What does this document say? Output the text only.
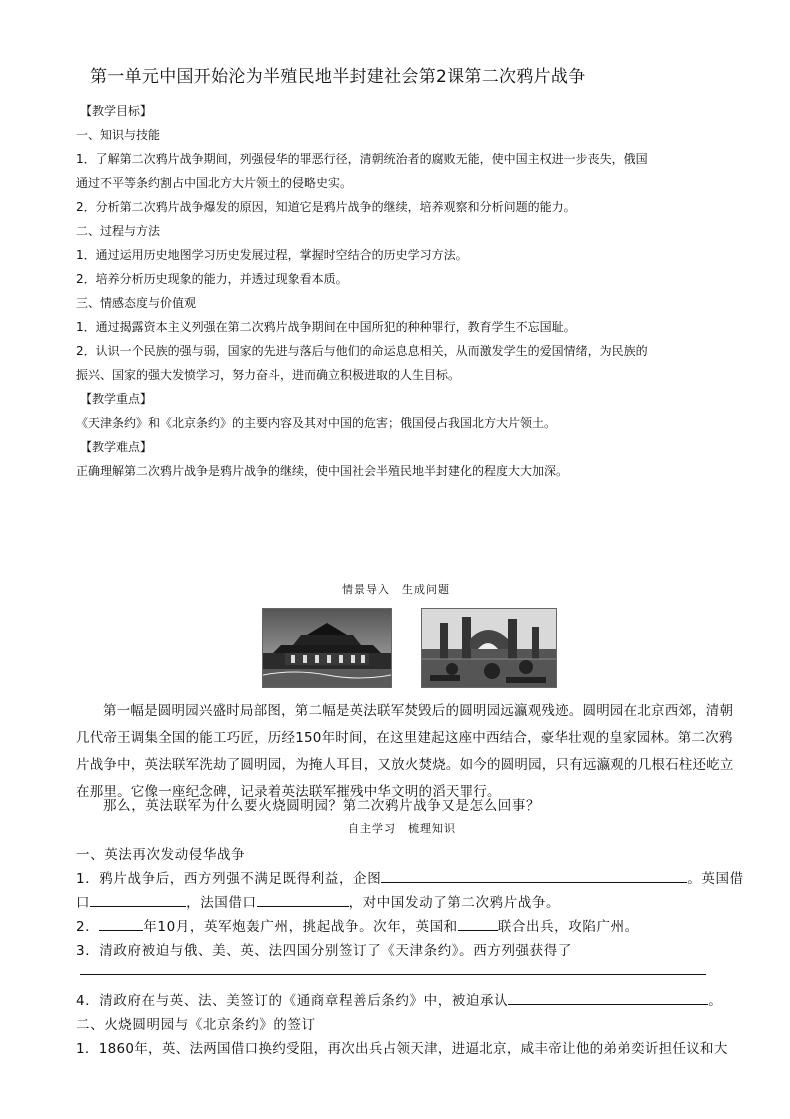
第一单元中国开始沦为半殖民地半封建社会第2课第二次鸦片战争
【教学目标】
一、知识与技能
1．了解第二次鸦片战争期间，列强侵华的罪恶行径，清朝统治者的腐败无能，使中国主权进一步丧失，俄国
通过不平等条约割占中国北方大片领土的侵略史实。
2．分析第二次鸦片战争爆发的原因，知道它是鸦片战争的继续，培养观察和分析问题的能力。
二、过程与方法
1．通过运用历史地图学习历史发展过程，掌握时空结合的历史学习方法。
2．培养分析历史现象的能力，并透过现象看本质。
三、情感态度与价值观
1．通过揭露资本主义列强在第二次鸦片战争期间在中国所犯的种种罪行，教育学生不忘国耻。
2．认识一个民族的强与弱，国家的先进与落后与他们的命运息息相关，从而激发学生的爱国情绪，为民族的
振兴、国家的强大发愤学习，努力奋斗，进而确立积极进取的人生目标。
【教学重点】
《天津条约》和《北京条约》的主要内容及其对中国的危害；俄国侵占我国北方大片领土。
【教学难点】
正确理解第二次鸦片战争是鸦片战争的继续，使中国社会半殖民地半封建化的程度大大加深。
情景导入　生成问题
第一幅是圆明园兴盛时局部图，第二幅是英法联军焚毁后的圆明园远瀛观残迹。圆明园在北京西郊，清朝几代帝王调集全国的能工巧匠，历经150年时间，在这里建起这座中西结合，豪华壮观的皇家园林。第二次鸦片战争中，英法联军洗劫了圆明园，为掩人耳目，又放火焚烧。如今的圆明园，只有远瀛观的几根石柱还屹立在那里。它像一座纪念碑，记录着英法联军摧残中华文明的滔天罪行。
那么，英法联军为什么要火烧圆明园？第二次鸦片战争又是怎么回事？
自主学习　梳理知识
一、英法再次发动侵华战争
1．鸦片战争后，西方列强不满足既得利益，企图	。英国借
口	，法国借口	，对中国发动了第二次鸦片战争。
2．	年10月，英军炮轰广州，挑起战争。次年，英国和	联合出兵，攻陷广州。
3．清政府被迫与俄、美、英、法四国分别签订了《天津条约》。西方列强获得了
4．清政府在与英、法、美签订的《通商章程善后条约》中，被迫承认	。
二、火烧圆明园与《北京条约》的签订
1．1860年，英、法两国借口换约受阻，再次出兵占领天津，进逼北京，咸丰帝让他的弟弟奕䜣担任议和大
